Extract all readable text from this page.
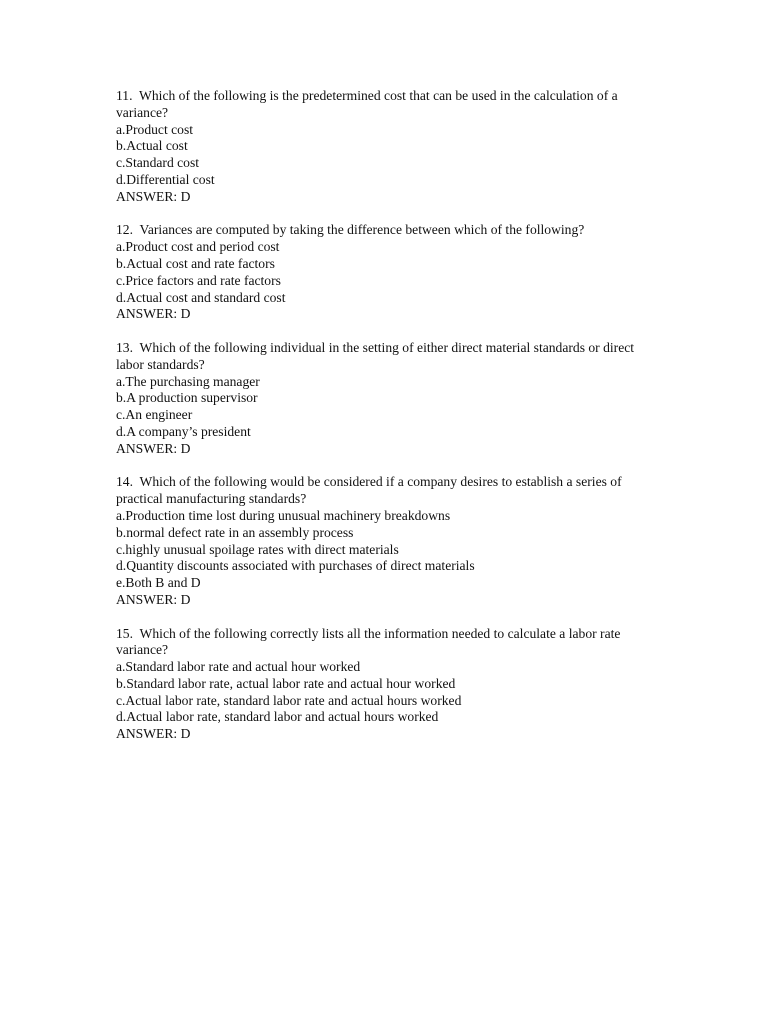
11.  Which of the following is the predetermined cost that can be used in the calculation of a variance?
a.Product cost
b.Actual cost
c.Standard cost
d.Differential cost
ANSWER: D
12.  Variances are computed by taking the difference between which of the following?
a.Product cost and period cost
b.Actual cost and rate factors
c.Price factors and rate factors
d.Actual cost and standard cost
ANSWER: D
13.  Which of the following individual in the setting of either direct material standards or direct labor standards?
a.The purchasing manager
b.A production supervisor
c.An engineer
d.A company’s president
ANSWER: D
14.  Which of the following would be considered if a company desires to establish a series of practical manufacturing standards?
a.Production time lost during unusual machinery breakdowns
b.normal defect rate in an assembly process
c.highly unusual spoilage rates with direct materials
d.Quantity discounts associated with purchases of direct materials
e.Both B and D
ANSWER: D
15.  Which of the following correctly lists all the information needed to calculate a labor rate variance?
a.Standard labor rate and actual hour worked
b.Standard labor rate, actual labor rate and actual hour worked
c.Actual labor rate, standard labor rate and actual hours worked
d.Actual labor rate, standard labor and actual hours worked
ANSWER: D
